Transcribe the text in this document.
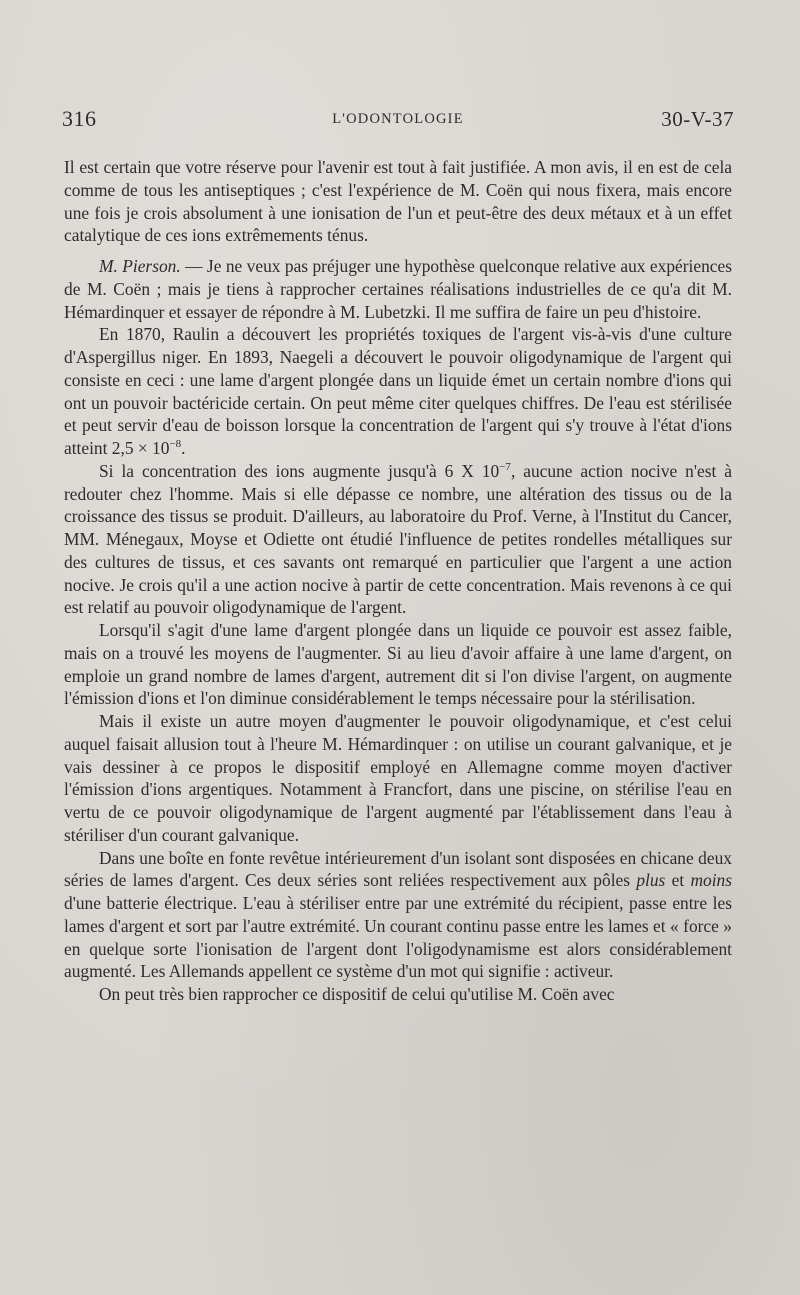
316	L'ODONTOLOGIE	30-V-37

Il est certain que votre réserve pour l'avenir est tout à fait justifiée. A mon avis, il en est de cela comme de tous les antiseptiques ; c'est l'expérience de M. Coën qui nous fixera, mais encore une fois je crois absolument à une ionisation de l'un et peut-être des deux métaux et à un effet catalytique de ces ions extrêmements ténus.

M. Pierson. — Je ne veux pas préjuger une hypothèse quelconque relative aux expériences de M. Coën ; mais je tiens à rapprocher certaines réalisations industrielles de ce qu'a dit M. Hémardinquer et essayer de répondre à M. Lubetzki. Il me suffira de faire un peu d'histoire.

En 1870, Raulin a découvert les propriétés toxiques de l'argent vis-à-vis d'une culture d'Aspergillus niger. En 1893, Naegeli a découvert le pouvoir oligodynamique de l'argent qui consiste en ceci : une lame d'argent plongée dans un liquide émet un certain nombre d'ions qui ont un pouvoir bactéricide certain. On peut même citer quelques chiffres. De l'eau est stérilisée et peut servir d'eau de boisson lorsque la concentration de l'argent qui s'y trouve à l'état d'ions atteint $2,5 \times 10^{-8}$.

Si la concentration des ions augmente jusqu'à 6 X $10^{-7}$, aucune action nocive n'est à redouter chez l'homme. Mais si elle dépasse ce nombre, une altération des tissus ou de la croissance des tissus se produit. D'ailleurs, au laboratoire du Prof. Verne, à l'Institut du Cancer, MM. Ménegaux, Moyse et Odiette ont étudié l'influence de petites rondelles métalliques sur des cultures de tissus, et ces savants ont remarqué en particulier que l'argent a une action nocive. Je crois qu'il a une action nocive à partir de cette concentration. Mais revenons à ce qui est relatif au pouvoir oligodynamique de l'argent.

Lorsqu'il s'agit d'une lame d'argent plongée dans un liquide ce pouvoir est assez faible, mais on a trouvé les moyens de l'augmenter. Si au lieu d'avoir affaire à une lame d'argent, on emploie un grand nombre de lames d'argent, autrement dit si l'on divise l'argent, on augmente l'émission d'ions et l'on diminue considérablement le temps nécessaire pour la stérilisation.

Mais il existe un autre moyen d'augmenter le pouvoir oligodynamique, et c'est celui auquel faisait allusion tout à l'heure M. Hémardinquer : on utilise un courant galvanique, et je vais dessiner à ce propos le dispositif employé en Allemagne comme moyen d'activer l'émission d'ions argentiques. Notamment à Francfort, dans une piscine, on stérilise l'eau en vertu de ce pouvoir oligodynamique de l'argent augmenté par l'établissement dans l'eau à stériliser d'un courant galvanique.

Dans une boîte en fonte revêtue intérieurement d'un isolant sont disposées en chicane deux séries de lames d'argent. Ces deux séries sont reliées respectivement aux pôles plus et moins d'une batterie électrique. L'eau à stériliser entre par une extrémité du récipient, passe entre les lames d'argent et sort par l'autre extrémité. Un courant continu passe entre les lames et « force » en quelque sorte l'ionisation de l'argent dont l'oligodynamisme est alors considérablement augmenté. Les Allemands appellent ce système d'un mot qui signifie : activeur.

On peut très bien rapprocher ce dispositif de celui qu'utilise M. Coën avec
